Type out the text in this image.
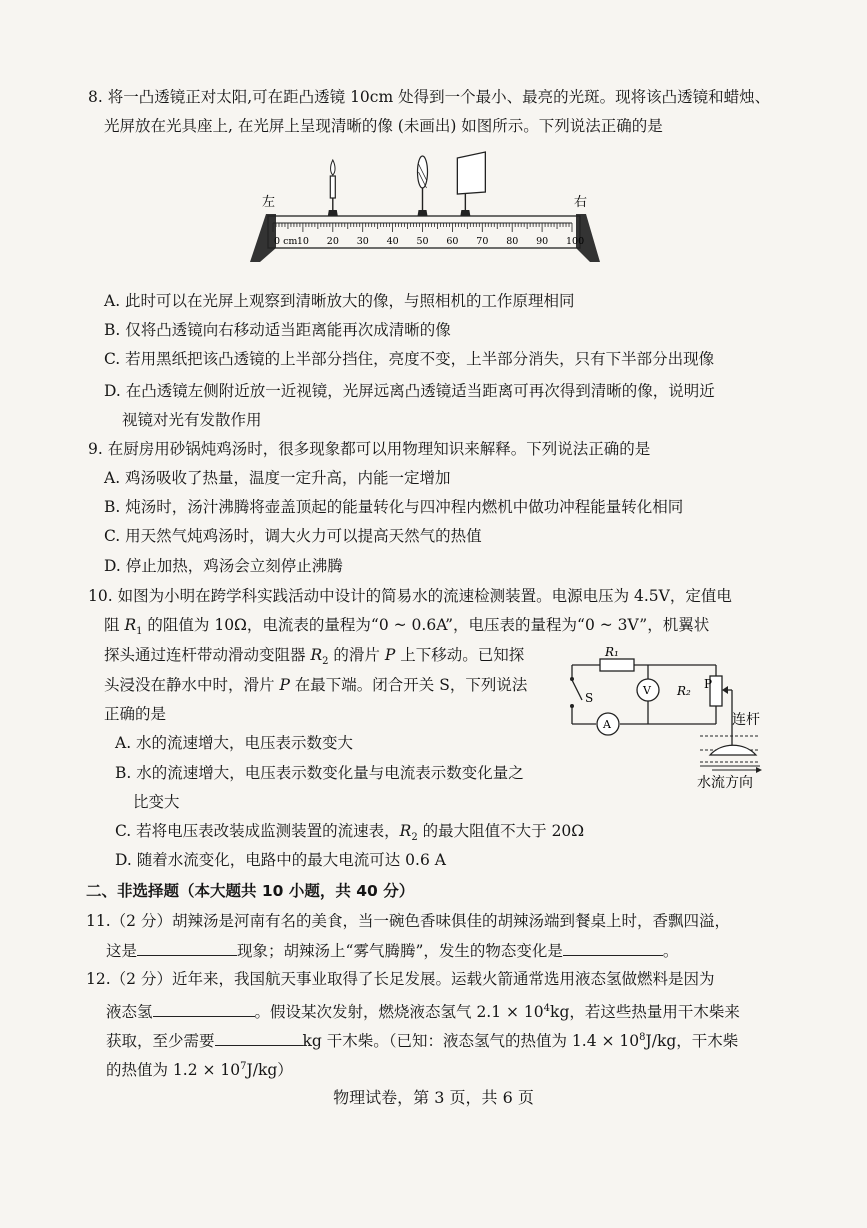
8. 将一凸透镜正对太阳,可在距凸透镜 10cm 处得到一个最小、最亮的光斑。现将该凸透镜和蜡烛、
光屏放在光具座上, 在光屏上呈现清晰的像 (未画出) 如图所示。下列说法正确的是
左	右
0 cm 10 20 30 40 50 60 70 80 90 100
A. 此时可以在光屏上观察到清晰放大的像，与照相机的工作原理相同
B. 仅将凸透镜向右移动适当距离能再次成清晰的像
C. 若用黑纸把该凸透镜的上半部分挡住，亮度不变，上半部分消失，只有下半部分出现像
D. 在凸透镜左侧附近放一近视镜，光屏远离凸透镜适当距离可再次得到清晰的像，说明近
视镜对光有发散作用
9. 在厨房用砂锅炖鸡汤时，很多现象都可以用物理知识来解释。下列说法正确的是
A. 鸡汤吸收了热量，温度一定升高，内能一定增加
B. 炖汤时，汤汁沸腾将壶盖顶起的能量转化与四冲程内燃机中做功冲程能量转化相同
C. 用天然气炖鸡汤时，调大火力可以提高天然气的热值
D. 停止加热，鸡汤会立刻停止沸腾
10. 如图为小明在跨学科实践活动中设计的简易水的流速检测装置。电源电压为 4.5V，定值电
阻 $R_1$ 的阻值为 10Ω，电流表的量程为“0 ~ 0.6A”，电压表的量程为“0 ~ 3V”，机翼状
探头通过连杆带动滑动变阻器 $R_2$ 的滑片 P 上下移动。已知探
头浸没在静水中时，滑片 P 在最下端。闭合开关 S，下列说法
正确的是
A. 水的流速增大，电压表示数变大
B. 水的流速增大，电压表示数变化量与电流表示数变化量之
比变大
C. 若将电压表改装成监测装置的流速表，$R_2$ 的最大阻值不大于 20Ω
D. 随着水流变化，电路中的最大电流可达 0.6 A
V
A
R₁
R₂ P
S
连杆
水流方向
二、非选择题（本大题共 10 小题，共 40 分）
11.（2 分）胡辣汤是河南有名的美食，当一碗色香味俱佳的胡辣汤端到餐桌上时，香飘四溢，
这是	现象；胡辣汤上“雾气腾腾”，发生的物态变化是	。
12.（2 分）近年来，我国航天事业取得了长足发展。运载火箭通常选用液态氢做燃料是因为
液态氢	。假设某次发射，燃烧液态氢气 $2.1 \times 10^4kg$，若这些热量用干木柴来
获取，至少需要	kg 干木柴。（已知：液态氢气的热值为 $1.4 \times 10^8J/kg$，干木柴
的热值为 $1.2 \times 10^7J/kg$）
物理试卷，第 3 页，共 6 页
